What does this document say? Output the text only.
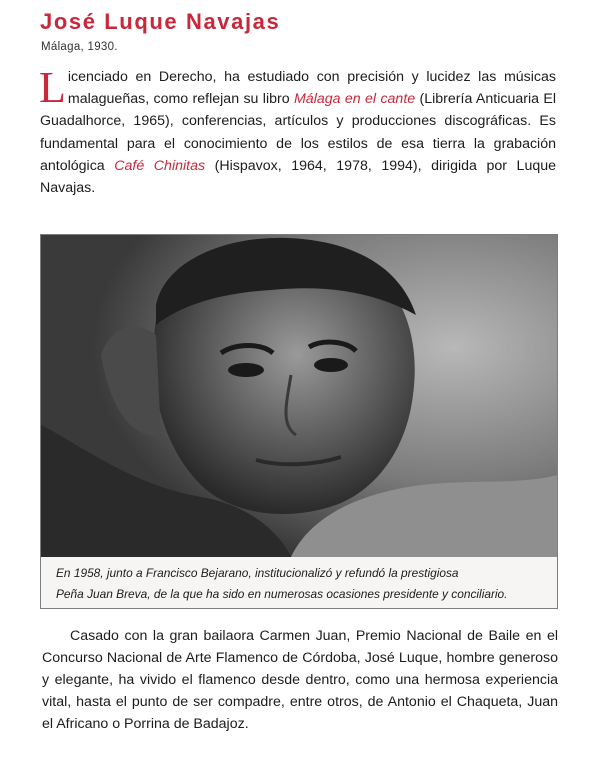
José Luque Navajas
Málaga, 1930.

Licenciado en Derecho, ha estudiado con precisión y lucidez las músicas malagueñas, como reflejan su libro Málaga en el cante (Librería Anticuaria El Guadalhorce, 1965), conferencias, artículos y producciones discográficas. Es fundamental para el conocimiento de los estilos de esa tierra la grabación antológica Café Chinitas (Hispavox, 1964, 1978, 1994), dirigida por Luque Navajas.

En 1958, junto a Francisco Bejarano, institucionalizó y refundó la prestigiosa
Peña Juan Breva, de la que ha sido en numerosas ocasiones presidente y conciliario.

Casado con la gran bailaora Carmen Juan, Premio Nacional de Baile en el Concurso Nacional de Arte Flamenco de Córdoba, José Luque, hombre generoso y elegante, ha vivido el flamenco desde dentro, como una hermosa experiencia vital, hasta el punto de ser compadre, entre otros, de Antonio el Chaqueta, Juan el Africano o Porrina de Badajoz.
